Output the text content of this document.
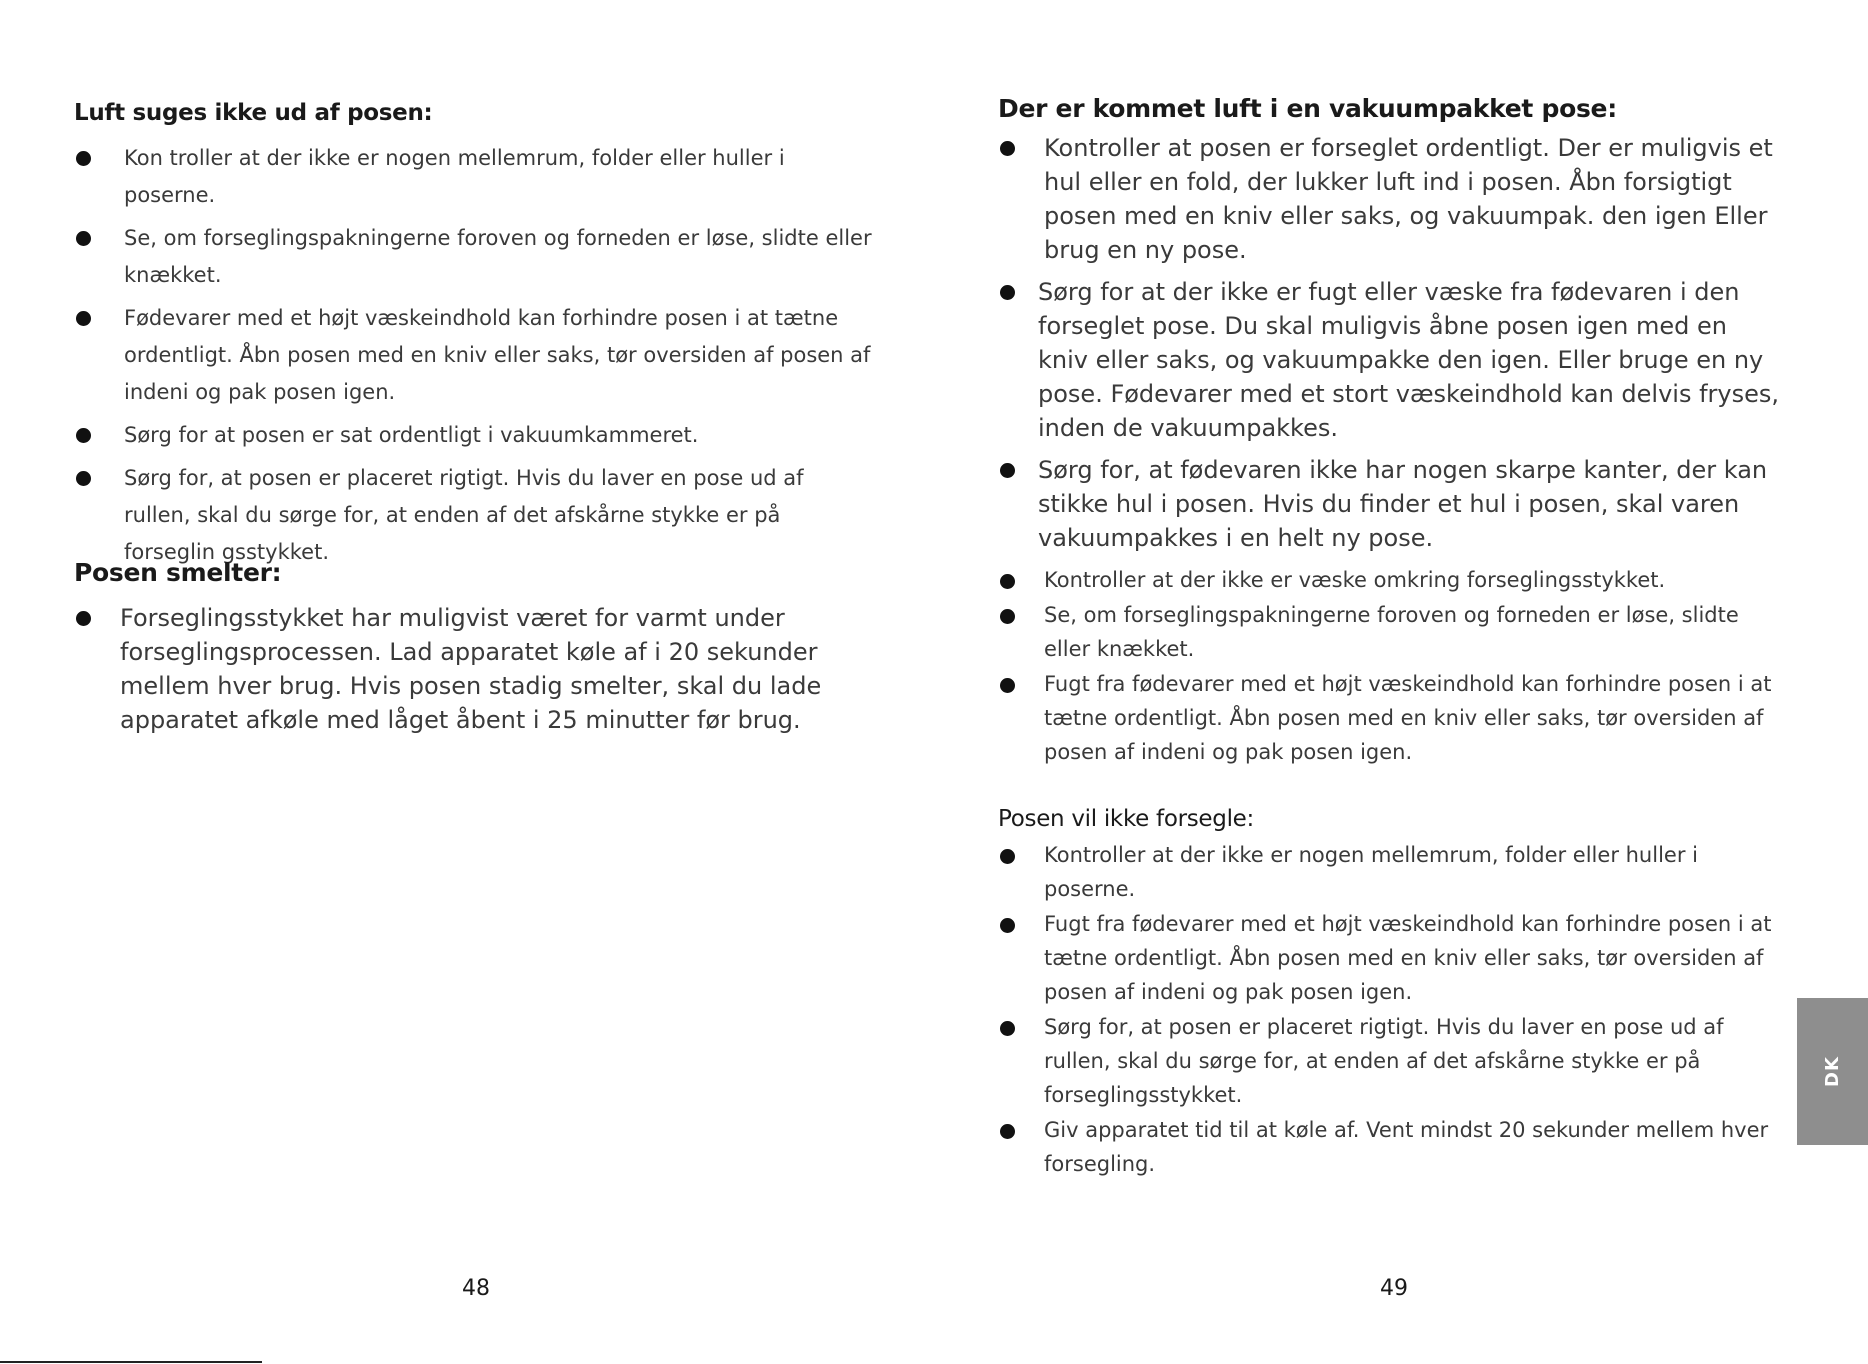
Luft suges ikke ud af posen:
Kon troller at der ikke er nogen mellemrum, folder eller huller i poserne.
Se, om forseglingspakningerne foroven og forneden er løse, slidte eller knækket.
Fødevarer med et højt væskeindhold kan forhindre posen i at tætne ordentligt. Åbn posen med en kniv eller saks, tør oversiden af posen af indeni og pak posen igen.
Sørg for at posen er sat ordentligt i vakuumkammeret.
Sørg for, at posen er placeret rigtigt. Hvis du laver en pose ud af rullen, skal du sørge for, at enden af det afskårne stykke er på forseglin gsstykket.
Posen smelter:
Forseglingsstykket har muligvist været for varmt under forseglingsprocessen. Lad apparatet køle af i 20 sekunder mellem hver brug. Hvis posen stadig smelter, skal du lade apparatet afkøle med låget åbent i 25 minutter før brug.
48
Der er kommet luft i en vakuumpakket pose:
Kontroller at posen er forseglet ordentligt. Der er muligvis et hul eller en fold, der lukker luft ind i posen. Åbn forsigtigt posen med en kniv eller saks, og vakuumpak. den igen Eller brug en ny pose.
Sørg for at der ikke er fugt eller væske fra fødevaren i den forseglet pose. Du skal muligvis åbne posen igen med en kniv eller saks, og vakuumpakke den igen. Eller bruge en ny pose. Fødevarer med et stort væskeindhold kan delvis fryses, inden de vakuumpakkes.
Sørg for, at fødevaren ikke har nogen skarpe kanter, der kan stikke hul i posen. Hvis du finder et hul i posen, skal varen vakuumpakkes i en helt ny pose.
Kontroller at der ikke er væske omkring forseglingsstykket.
Se, om forseglingspakningerne foroven og forneden er løse, slidte eller knækket.
Fugt fra fødevarer med et højt væskeindhold kan forhindre posen i at tætne ordentligt. Åbn posen med en kniv eller saks, tør oversiden af posen af indeni og pak posen igen.
Posen vil ikke forsegle:
Kontroller at der ikke er nogen mellemrum, folder eller huller i poserne.
Fugt fra fødevarer med et højt væskeindhold kan forhindre posen i at tætne ordentligt. Åbn posen med en kniv eller saks, tør oversiden af posen af indeni og pak posen igen.
Sørg for, at posen er placeret rigtigt. Hvis du laver en pose ud af rullen, skal du sørge for, at enden af det afskårne stykke er på forseglingsstykket.
Giv apparatet tid til at køle af. Vent mindst 20 sekunder mellem hver forsegling.
49
DK
